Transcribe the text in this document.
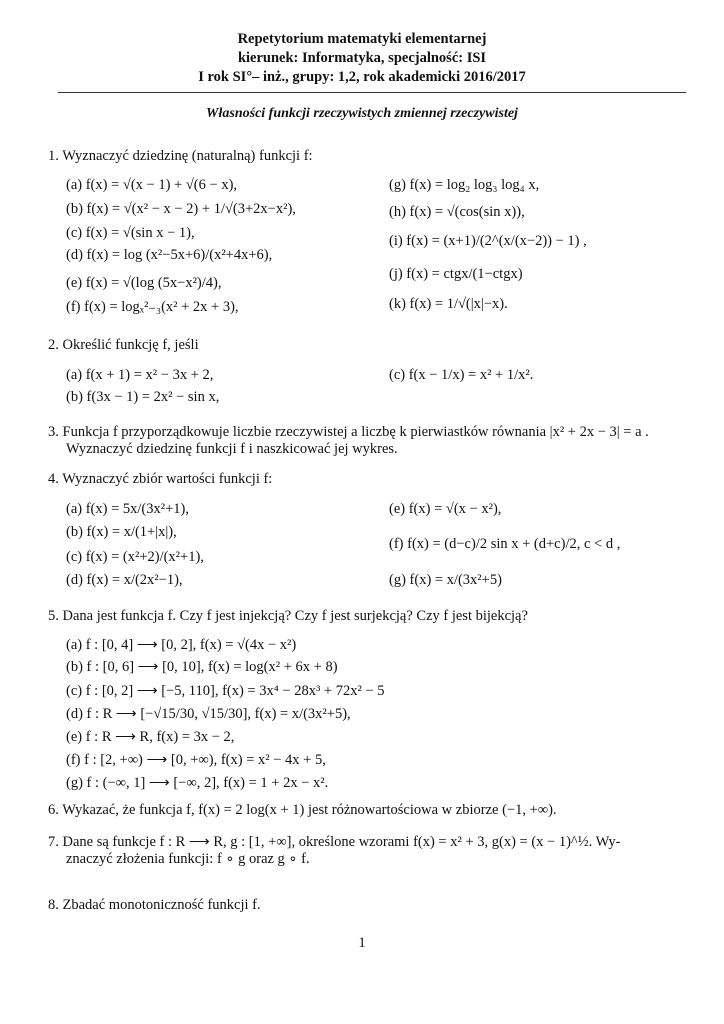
Repetytorium matematyki elementarnej
kierunek: Informatyka, specjalność: ISI
I rok SI°– inż., grupy: 1,2, rok akademicki 2016/2017
Własności funkcji rzeczywistych zmiennej rzeczywistej
1. Wyznaczyć dziedzinę (naturalną) funkcji f:
(a) f(x) = √(x − 1) + √(6 − x),
(b) f(x) = √(x² − x − 2) + 1/√(3+2x−x²),
(c) f(x) = √(sin x − 1),
(d) f(x) = log (x²−5x+6)/(x²+4x+6),
(e) f(x) = √(log (5x−x²)/4),
(f) f(x) = logₓ²₋₃(x² + 2x + 3),
(g) f(x) = log₂ log₃ log₄ x,
(h) f(x) = √(cos(sin x)),
(i) f(x) = (x+1)/(2^(x/(x−2)) − 1) ,
(j) f(x) = ctgx/(1−ctgx)
(k) f(x) = 1/√(|x|−x).
2. Określić funkcję f, jeśli
(a) f(x + 1) = x² − 3x + 2,
(b) f(3x − 1) = 2x² − sin x,
(c) f(x − 1/x) = x² + 1/x².
3. Funkcja f przyporządkowuje liczbie rzeczywistej a liczbę k pierwiastków równania |x² + 2x − 3| = a .
Wyznaczyć dziedzinę funkcji f i naszkicować jej wykres.
4. Wyznaczyć zbiór wartości funkcji f:
(a) f(x) = 5x/(3x²+1),
(b) f(x) = x/(1+|x|),
(c) f(x) = (x²+2)/(x²+1),
(d) f(x) = x/(2x²−1),
(e) f(x) = √(x − x²),
(f) f(x) = (d−c)/2 sin x + (d+c)/2, c < d ,
(g) f(x) = x/(3x²+5)
5. Dana jest funkcja f. Czy f jest injekcją? Czy f jest surjekcją? Czy f jest bijekcją?
(a) f : [0, 4] ⟶ [0, 2], f(x) = √(4x − x²)
(b) f : [0, 6] ⟶ [0, 10], f(x) = log(x² + 6x + 8)
(c) f : [0, 2] ⟶ [−5, 110], f(x) = 3x⁴ − 28x³ + 72x² − 5
(d) f : R ⟶ [−√15/30, √15/30], f(x) = x/(3x²+5),
(e) f : R ⟶ R, f(x) = 3x − 2,
(f) f : [2, +∞) ⟶ [0, +∞), f(x) = x² − 4x + 5,
(g) f : (−∞, 1] ⟶ [−∞, 2], f(x) = 1 + 2x − x².
6. Wykazać, że funkcja f, f(x) = 2 log(x + 1) jest różnowartościowa w zbiorze (−1, +∞).
7. Dane są funkcje f : R ⟶ R, g : [1, +∞], określone wzorami f(x) = x² + 3, g(x) = (x − 1)^½. Wy-
znaczyć złożenia funkcji: f ∘ g oraz g ∘ f.
8. Zbadać monotoniczność funkcji f.
1
